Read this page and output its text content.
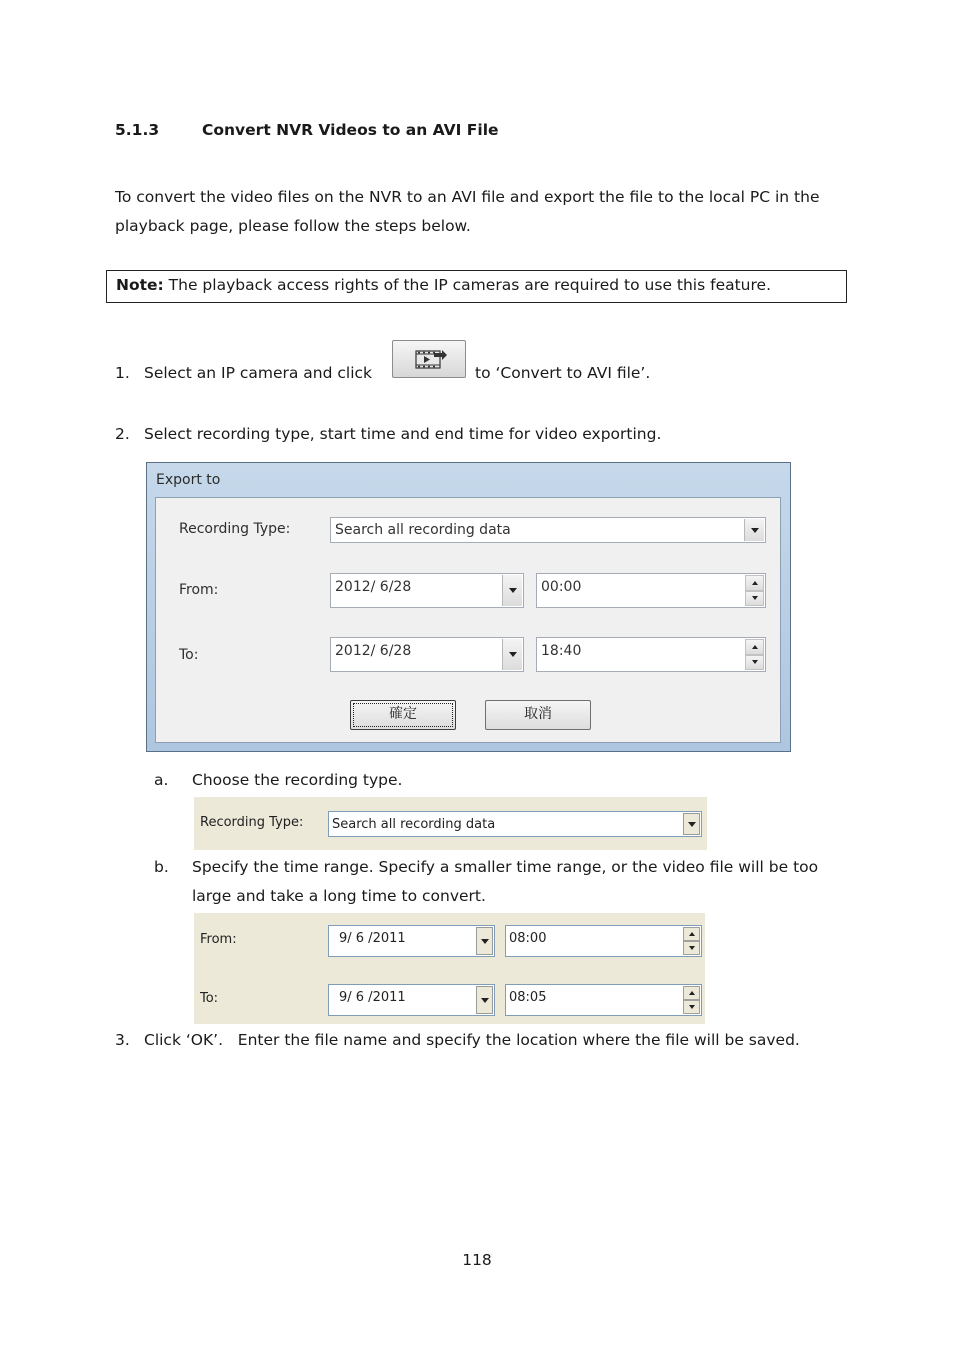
5.1.3	Convert NVR Videos to an AVI File
To convert the video files on the NVR to an AVI file and export the file to the local PC in the
playback page, please follow the steps below.
Note: The playback access rights of the IP cameras are required to use this feature.
1. Select an IP camera and click	to ‘Convert to AVI file’.
2. Select recording type, start time and end time for video exporting.
Export to
Recording Type:	Search all recording data
From:	2012/ 6/28	00:00
To:	2012/ 6/28	18:40
確定	取消
a. Choose the recording type.
Recording Type:	Search all recording data
b. Specify the time range. Specify a smaller time range, or the video file will be too
large and take a long time to convert.
From:	9/ 6 /2011	08:00
To:	9/ 6 /2011	08:05
3. Click ‘OK’.   Enter the file name and specify the location where the file will be saved.
118
